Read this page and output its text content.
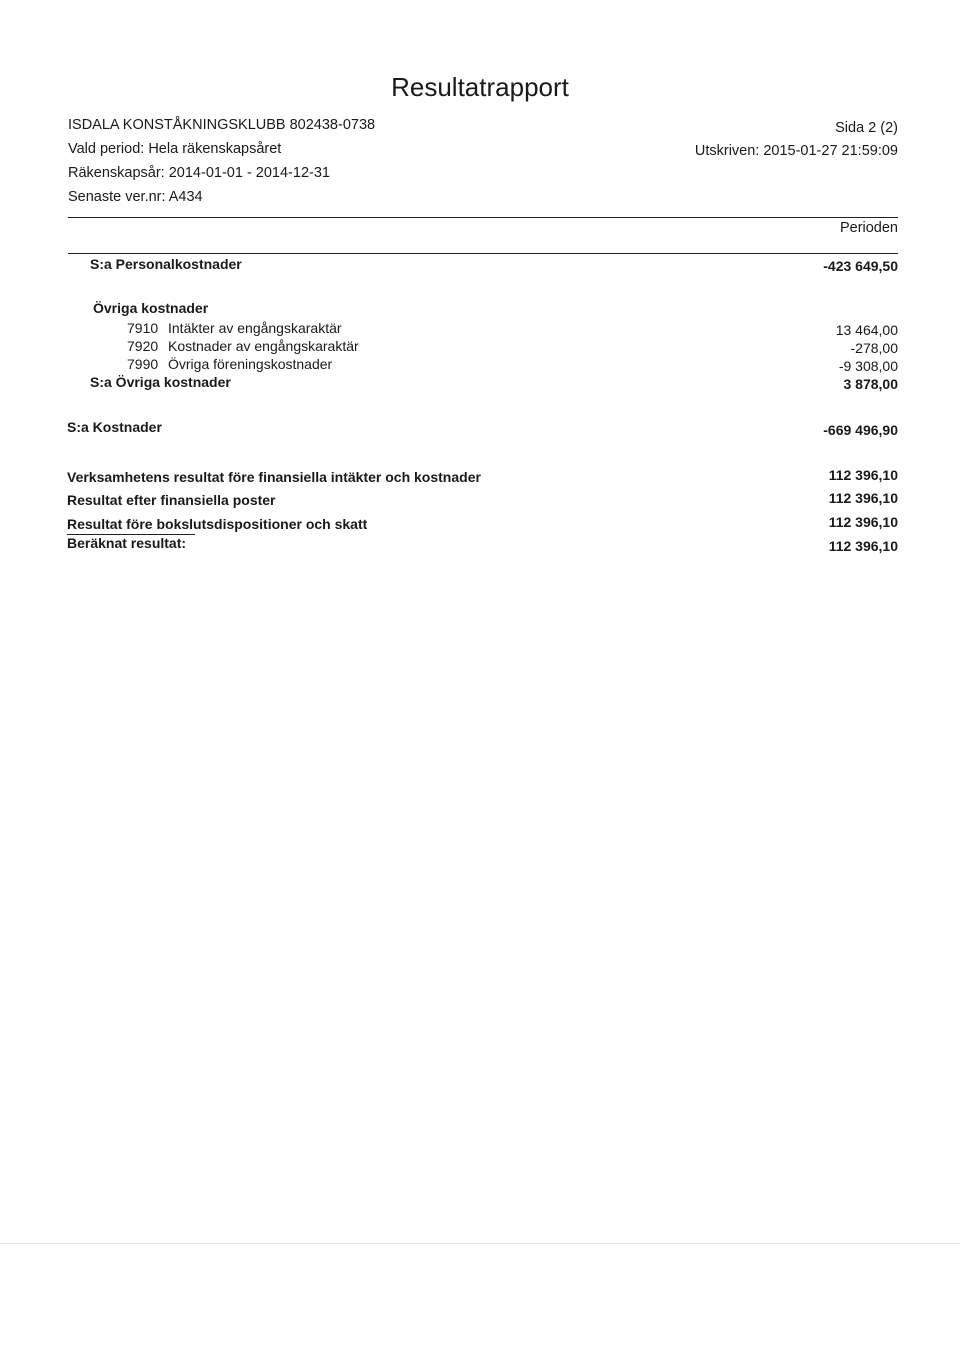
Resultatrapport
ISDALA KONSTÅKNINGSKLUBB 802438-0738
Vald period: Hela räkenskapsåret
Räkenskapsår: 2014-01-01 - 2014-12-31
Senaste ver.nr: A434
Sida 2 (2)
Utskriven: 2015-01-27 21:59:09
Perioden
S:a Personalkostnader	-423 649,50
Övriga kostnader
7910 Intäkter av engångskaraktär	13 464,00
7920 Kostnader av engångskaraktär	-278,00
7990 Övriga föreningskostnader	-9 308,00
S:a Övriga kostnader	3 878,00
S:a Kostnader	-669 496,90
Verksamhetens resultat före finansiella intäkter och kostnader	112 396,10
Resultat efter finansiella poster	112 396,10
Resultat före bokslutsdispositioner och skatt	112 396,10
Beräknat resultat:	112 396,10
